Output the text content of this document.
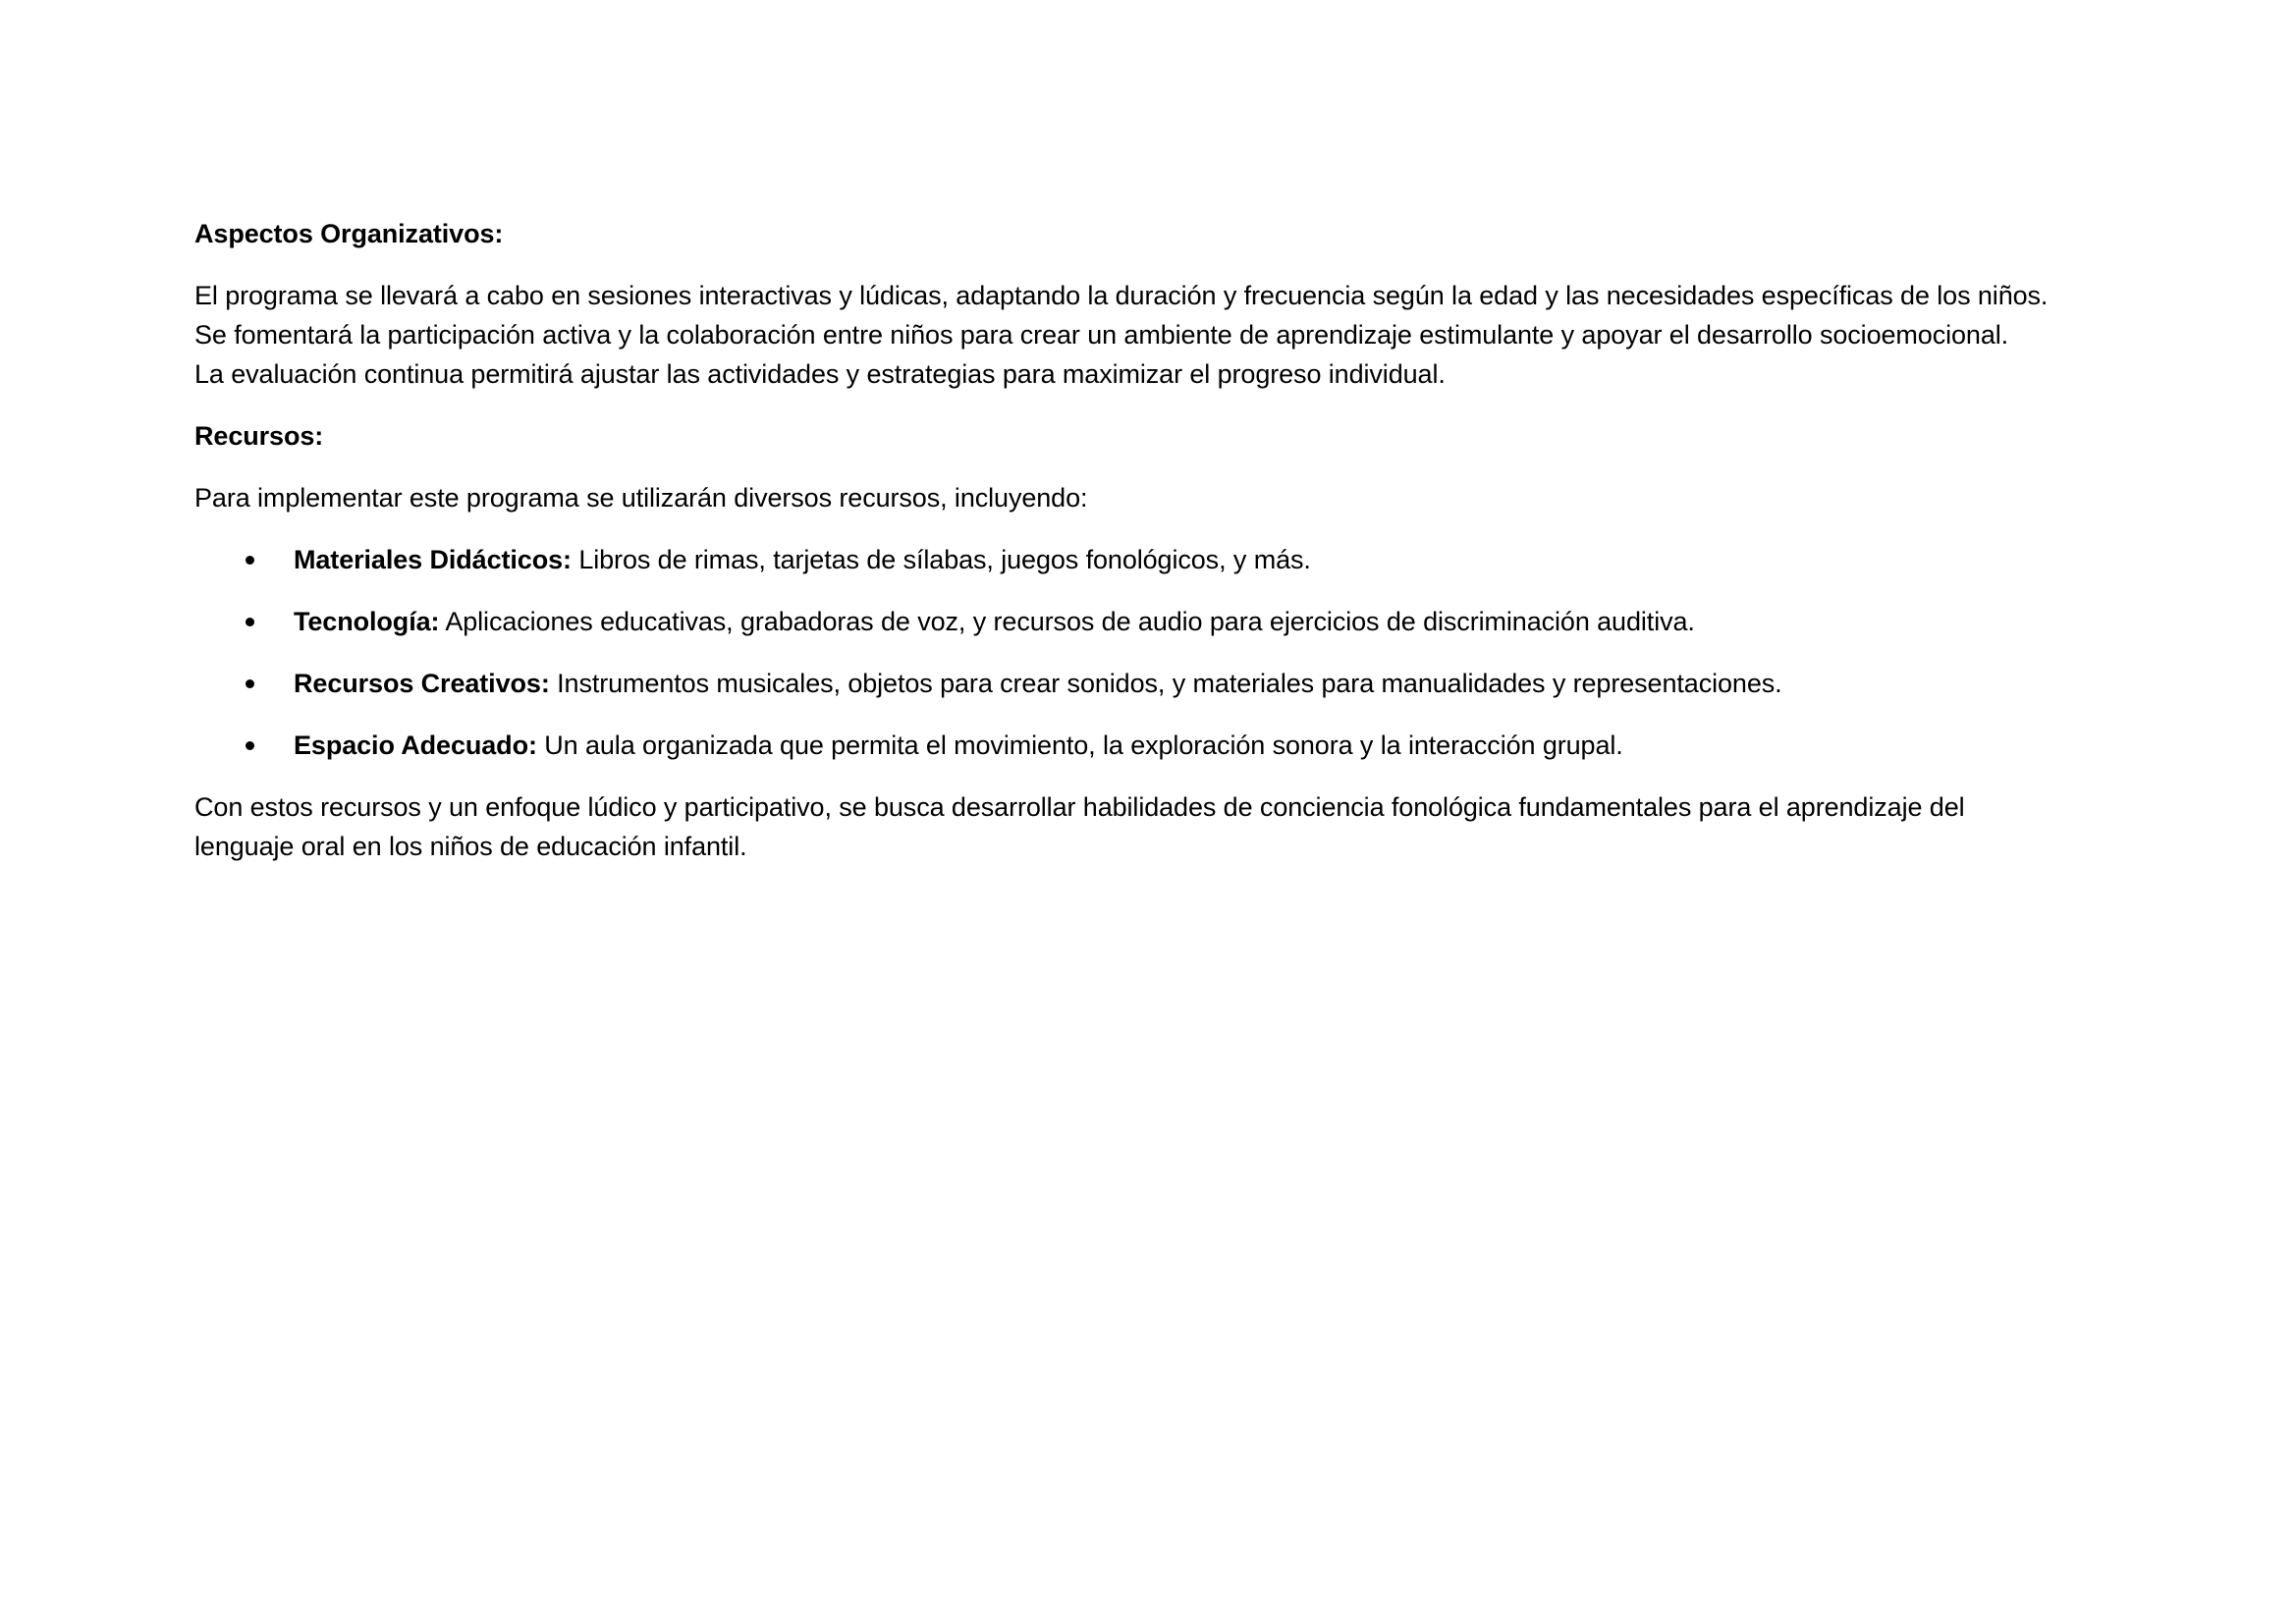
Aspectos Organizativos:
El programa se llevará a cabo en sesiones interactivas y lúdicas, adaptando la duración y frecuencia según la edad y las necesidades específicas de los niños.
Se fomentará la participación activa y la colaboración entre niños para crear un ambiente de aprendizaje estimulante y apoyar el desarrollo socioemocional.
La evaluación continua permitirá ajustar las actividades y estrategias para maximizar el progreso individual.
Recursos:
Para implementar este programa se utilizarán diversos recursos, incluyendo:
Materiales Didácticos: Libros de rimas, tarjetas de sílabas, juegos fonológicos, y más.
Tecnología: Aplicaciones educativas, grabadoras de voz, y recursos de audio para ejercicios de discriminación auditiva.
Recursos Creativos: Instrumentos musicales, objetos para crear sonidos, y materiales para manualidades y representaciones.
Espacio Adecuado: Un aula organizada que permita el movimiento, la exploración sonora y la interacción grupal.
Con estos recursos y un enfoque lúdico y participativo, se busca desarrollar habilidades de conciencia fonológica fundamentales para el aprendizaje del
lenguaje oral en los niños de educación infantil.
